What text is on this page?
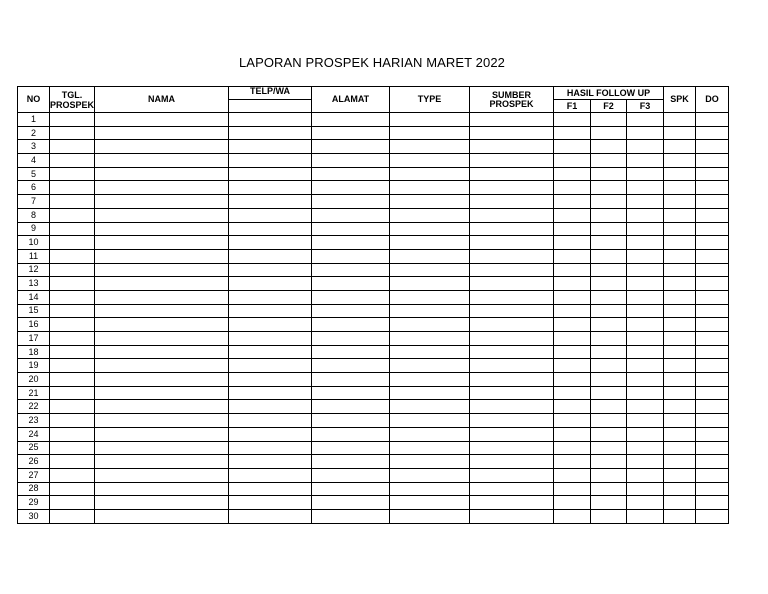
LAPORAN PROSPEK HARIAN MARET 2022
NO	TGL. PROSPEK	NAMA	TELP/WA	ALAMAT	TYPE	SUMBER PROSPEK	HASIL FOLLOW UP			SPK	DO
							F1	F2	F3		
1											
2											
3											
4											
5											
6											
7											
8											
9											
10											
11											
12											
13											
14											
15											
16											
17											
18											
19											
20											
21											
22											
23											
24											
25											
26											
27											
28											
29											
30											
